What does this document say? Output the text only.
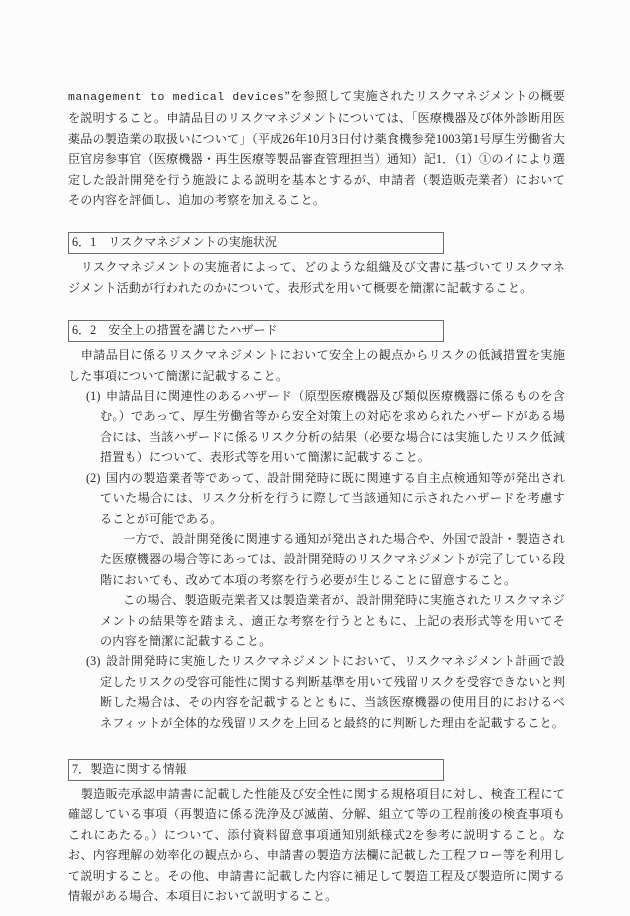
management to medical devices”を参照して実施されたリスクマネジメントの概要を説明すること。申請品目のリスクマネジメントについては、「医療機器及び体外診断用医薬品の製造業の取扱いについて」（平成26年10月3日付け薬食機参発1003第1号厚生労働省大臣官房参事官（医療機器・再生医療等製品審査管理担当）通知）記1．（1）①のイにより選定した設計開発を行う施設による説明を基本とするが、申請者（製造販売業者）においてその内容を評価し、追加の考察を加えること。

6．1　リスクマネジメントの実施状況

リスクマネジメントの実施者によって、どのような組織及び文書に基づいてリスクマネジメント活動が行われたのかについて、表形式を用いて概要を簡潔に記載すること。

6．2　安全上の措置を講じたハザード

申請品目に係るリスクマネジメントにおいて安全上の観点からリスクの低減措置を実施した事項について簡潔に記載すること。

(1) 申請品目に関連性のあるハザード（原型医療機器及び類似医療機器に係るものを含む。）であって、厚生労働省等から安全対策上の対応を求められたハザードがある場合には、当該ハザードに係るリスク分析の結果（必要な場合には実施したリスク低減措置も）について、表形式等を用いて簡潔に記載すること。
(2) 国内の製造業者等であって、設計開発時に既に関連する自主点検通知等が発出されていた場合には、リスク分析を行うに際して当該通知に示されたハザードを考慮することが可能である。
一方で、設計開発後に関連する通知が発出された場合や、外国で設計・製造された医療機器の場合等にあっては、設計開発時のリスクマネジメントが完了している段階においても、改めて本項の考察を行う必要が生じることに留意すること。
この場合、製造販売業者又は製造業者が、設計開発時に実施されたリスクマネジメントの結果等を踏まえ、適正な考察を行うとともに、上記の表形式等を用いてその内容を簡潔に記載すること。
(3) 設計開発時に実施したリスクマネジメントにおいて、リスクマネジメント計画で設定したリスクの受容可能性に関する判断基準を用いて残留リスクを受容できないと判断した場合は、その内容を記載するとともに、当該医療機器の使用目的におけるベネフィットが全体的な残留リスクを上回ると最終的に判断した理由を記載すること。
7．製造に関する情報

製造販売承認申請書に記載した性能及び安全性に関する規格項目に対し、検査工程にて確認している事項（再製造に係る洗浄及び滅菌、分解、組立て等の工程前後の検査事項もこれにあたる。）について、添付資料留意事項通知別紙様式2を参考に説明すること。なお、内容理解の効率化の観点から、申請書の製造方法欄に記載した工程フロー等を利用して説明すること。その他、申請書に記載した内容に補足して製造工程及び製造所に関する情報がある場合、本項目において説明すること。
